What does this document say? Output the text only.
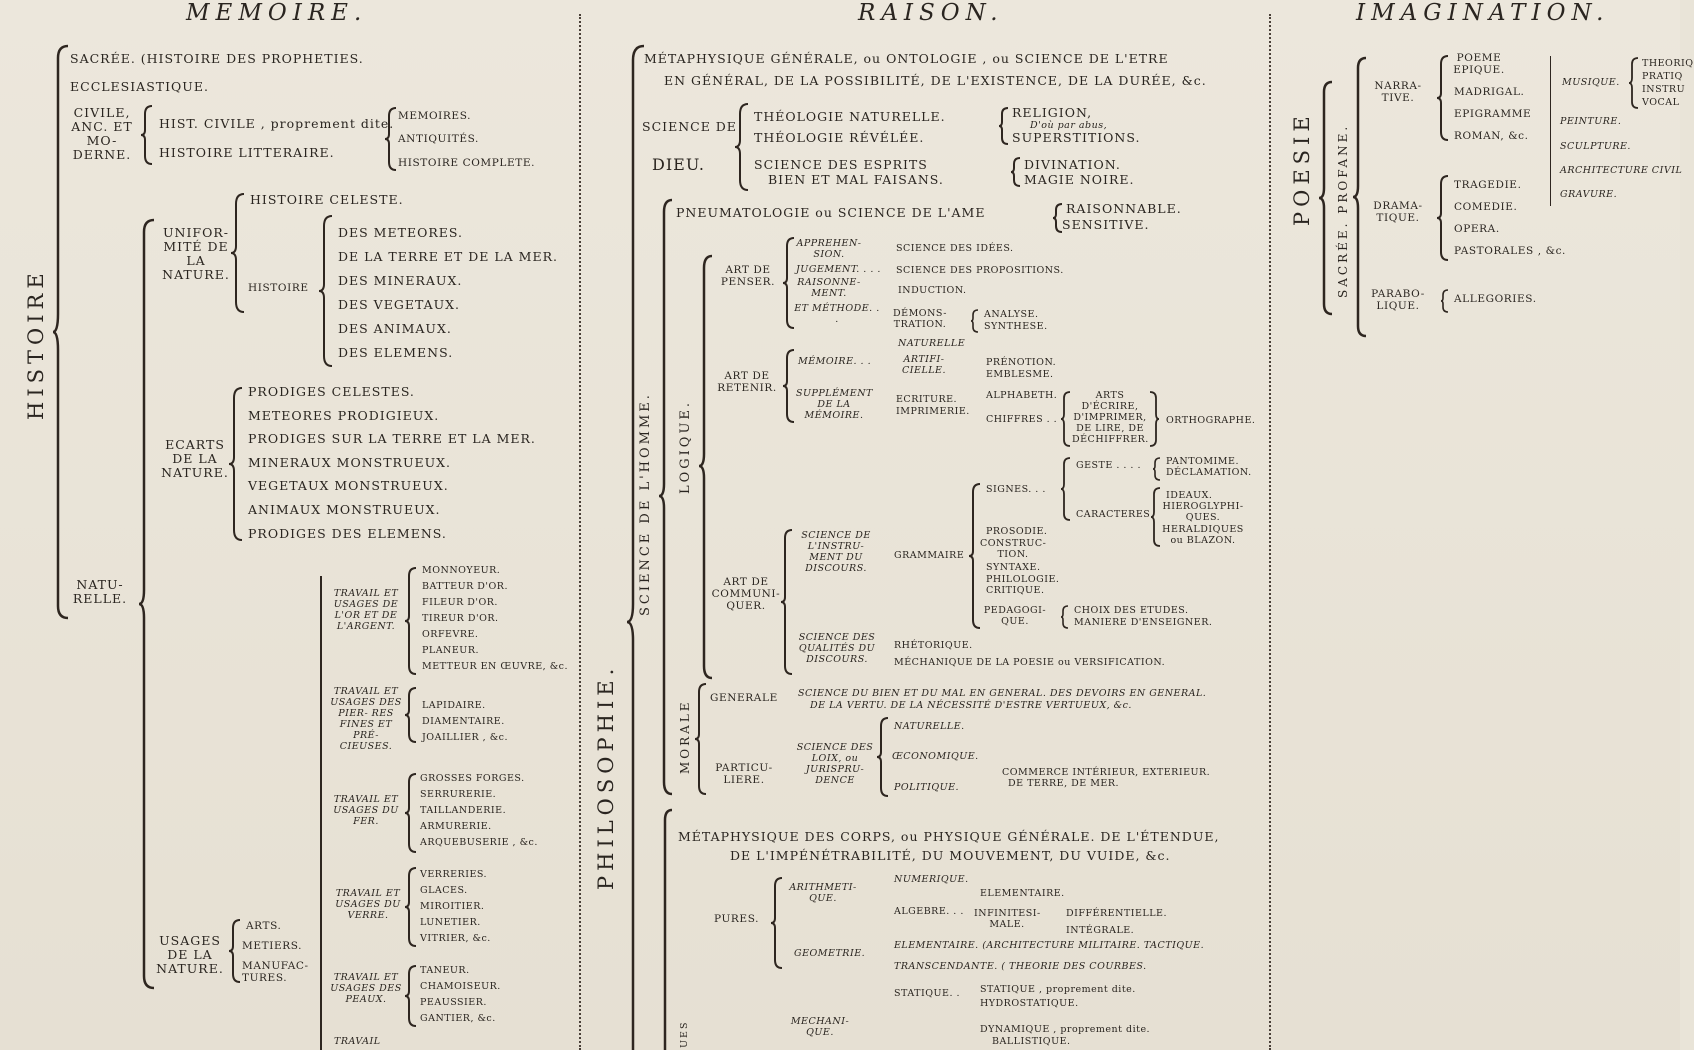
MEMOIRE.	RAISON.	IMAGINATION.
HISTOIRE
SACRÉE. (HISTOIRE DES PROPHETIES.
ECCLESIASTIQUE.
CIVILE, ANC. ET MO- DERNE.
HIST. CIVILE , proprement dite.
HISTOIRE LITTERAIRE.
MEMOIRES.
ANTIQUITÉS.
HISTOIRE COMPLETE.
NATU- RELLE.
UNIFOR- MITÉ DE LA NATURE.
HISTOIRE CELESTE.
HISTOIRE
DES METEORES.
DE LA TERRE ET DE LA MER.
DES MINERAUX.
DES VEGETAUX.
DES ANIMAUX.
DES ELEMENS.
ECARTS DE LA NATURE.
PRODIGES CELESTES.
METEORES PRODIGIEUX.
PRODIGES SUR LA TERRE ET LA MER.
MINERAUX MONSTRUEUX.
VEGETAUX MONSTRUEUX.
ANIMAUX MONSTRUEUX.
PRODIGES DES ELEMENS.
USAGES DE LA NATURE.
ARTS.
METIERS.
MANUFAC- TURES.
TRAVAIL ET USAGES DE L'OR ET DE L'ARGENT.
MONNOYEUR.
BATTEUR D'OR.
FILEUR D'OR.
TIREUR D'OR.
ORFEVRE.
PLANEUR.
METTEUR EN ŒUVRE, &c.
TRAVAIL ET USAGES DES PIER- RES FINES ET PRÉ- CIEUSES.
LAPIDAIRE.
DIAMENTAIRE.
JOAILLIER , &c.
TRAVAIL ET USAGES DU FER.
GROSSES FORGES.
SERRURERIE.
TAILLANDERIE.
ARMURERIE.
ARQUEBUSERIE , &c.
TRAVAIL ET USAGES DU VERRE.
VERRERIES.
GLACES.
MIROITIER.
LUNETIER.
VITRIER, &c.
TRAVAIL ET USAGES DES PEAUX.
TANEUR.
CHAMOISEUR.
PEAUSSIER.
GANTIER, &c.
TRAVAIL
PHILOSOPHIE.
MÉTAPHYSIQUE GÉNÉRALE, ou ONTOLOGIE , ou SCIENCE DE L'ETRE
EN GÉNÉRAL, DE LA POSSIBILITÉ, DE L'EXISTENCE, DE LA DURÉE, &c.
SCIENCE DE
DIEU.
THÉOLOGIE NATURELLE.
THÉOLOGIE RÉVÉLÉE.
SCIENCE DES ESPRITS
BIEN ET MAL FAISANS.
RELIGION,
D'où par abus,
SUPERSTITIONS.
DIVINATION.
MAGIE NOIRE.
SCIENCE DE L'HOMME.
PNEUMATOLOGIE ou SCIENCE DE L'AME	RAISONNABLE.
SENSITIVE.
LOGIQUE.
ART DE PENSER.
APPREHEN- SION.
JUGEMENT. . . .
RAISONNE- MENT.
ET MÉTHODE. . .
SCIENCE DES IDÉES.
SCIENCE DES PROPOSITIONS.
INDUCTION.
DÉMONS- TRATION.
ANALYSE.
SYNTHESE.
ART DE RETENIR.
MÉMOIRE. . .
NATURELLE
ARTIFI- CIELLE.
PRÉNOTION.
EMBLESME.
SUPPLÉMENT DE LA MÉMOIRE.
ECRITURE.
IMPRIMERIE.
ALPHABETH.
CHIFFRES . .
ARTS D'ÉCRIRE, D'IMPRIMER, DE LIRE, DE DÉCHIFFRER.
ORTHOGRAPHE.
ART DE COMMUNI- QUER.
SCIENCE DE L'INSTRU- MENT DU DISCOURS.
GRAMMAIRE
SIGNES. . .
GESTE . . . .	PANTOMIME.
DÉCLAMATION.
CARACTERES
IDEAUX.
HIEROGLYPHI- QUES.
HERALDIQUES ou BLAZON.
PROSODIE.
CONSTRUC- TION.
SYNTAXE.
PHILOLOGIE.
CRITIQUE.
PEDAGOGI- QUE.
CHOIX DES ETUDES.
MANIERE D'ENSEIGNER.
SCIENCE DES QUALITÉS DU DISCOURS.
RHÉTORIQUE.
MÉCHANIQUE DE LA POESIE ou VERSIFICATION.
MORALE
GENERALE SCIENCE DU BIEN ET DU MAL EN GENERAL. DES DEVOIRS EN GENERAL.
DE LA VERTU. DE LA NÉCESSITÉ D'ESTRE VERTUEUX, &c.
PARTICU- LIERE.
SCIENCE DES LOIX, ou JURISPRU- DENCE
NATURELLE.
ŒCONOMIQUE.
POLITIQUE.
COMMERCE INTÉRIEUR, EXTERIEUR.
DE TERRE, DE MER.
MÉTAPHYSIQUE DES CORPS, ou PHYSIQUE GÉNÉRALE. DE L'ÉTENDUE,
DE L'IMPÉNÉTRABILITÉ, DU MOUVEMENT, DU VUIDE, &c.
UES
PURES.
ARITHMETI- QUE.
NUMERIQUE.
ALGEBRE. . .
ELEMENTAIRE.
INFINITESI- MALE.
DIFFÉRENTIELLE.
INTÉGRALE.
GEOMETRIE.
ELEMENTAIRE. (ARCHITECTURE MILITAIRE. TACTIQUE.
TRANSCENDANTE. ( THEORIE DES COURBES.
MECHANI- QUE.
STATIQUE. . STATIQUE , proprement dite.
HYDROSTATIQUE.
DYNAMIQUE , proprement dite.
BALLISTIQUE.
POESIE SACRÉE. PROFANE.
NARRA- TIVE.
POEME EPIQUE.
MADRIGAL.
EPIGRAMME
ROMAN, &c.
MUSIQUE.
THEORIQ
PRATIQ
INSTRU
VOCAL
PEINTURE.
SCULPTURE.
ARCHITECTURE CIVIL
GRAVURE.
DRAMA- TIQUE.
TRAGEDIE.
COMEDIE.
OPERA.
PASTORALES , &c.
PARABO- LIQUE.
ALLEGORIES.
